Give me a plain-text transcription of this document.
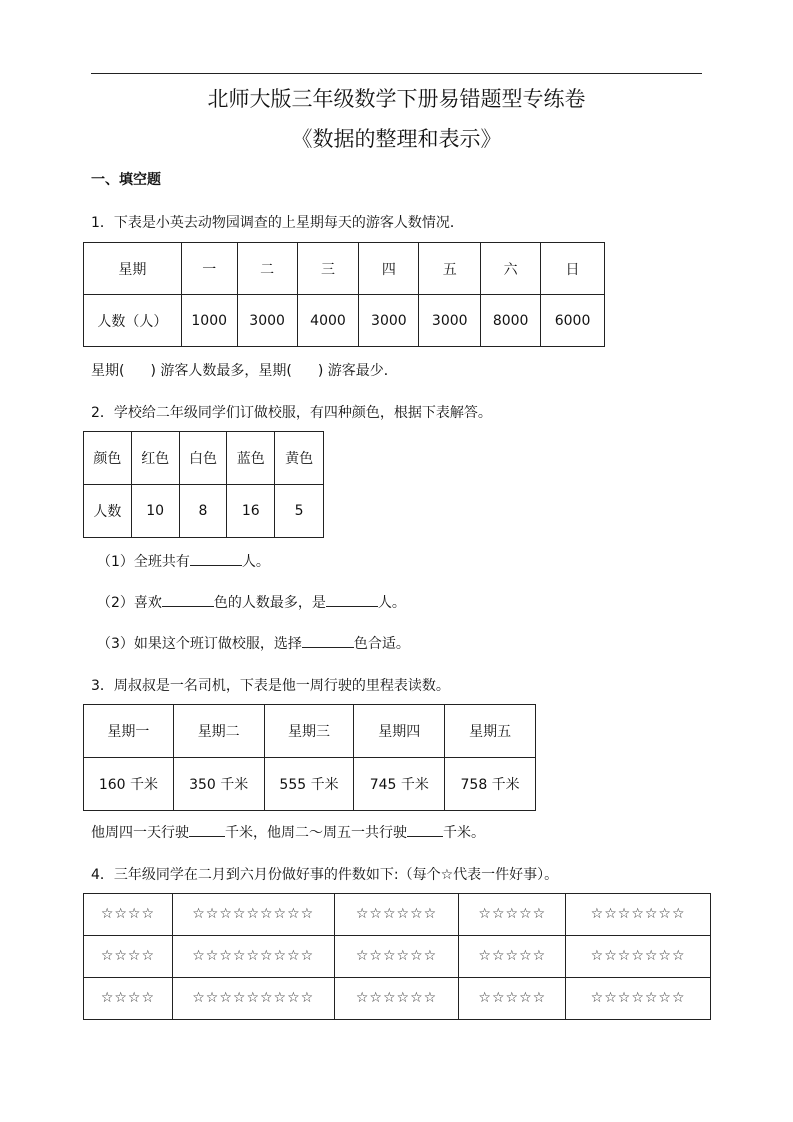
北师大版三年级数学下册易错题型专练卷
《数据的整理和表示》
一、填空题
1．下表是小英去动物园调查的上星期每天的游客人数情况．
星期	一	二	三	四	五	六	日
人数（人）	1000	3000	4000	3000	3000	8000	6000
星期( ) 游客人数最多，星期( ) 游客最少．
2．学校给二年级同学们订做校服，有四种颜色，根据下表解答。
颜色	红色	白色	蓝色	黄色
人数	10	8	16	5
（1）全班共有	人。
（2）喜欢	色的人数最多，是	人。
（3）如果这个班订做校服，选择	色合适。
3．周叔叔是一名司机，下表是他一周行驶的里程表读数。
星期一	星期二	星期三	星期四	星期五
160 千米	350 千米	555 千米	745 千米	758 千米
他周四一天行驶	千米，他周二～周五一共行驶	千米。
4．三年级同学在二月到六月份做好事的件数如下:（每个☆代表一件好事）。
☆☆☆☆	☆☆☆☆☆☆☆☆☆	☆☆☆☆☆☆	☆☆☆☆☆	☆☆☆☆☆☆☆
☆☆☆☆	☆☆☆☆☆☆☆☆☆	☆☆☆☆☆☆	☆☆☆☆☆	☆☆☆☆☆☆☆
☆☆☆☆	☆☆☆☆☆☆☆☆☆	☆☆☆☆☆☆	☆☆☆☆☆	☆☆☆☆☆☆☆
